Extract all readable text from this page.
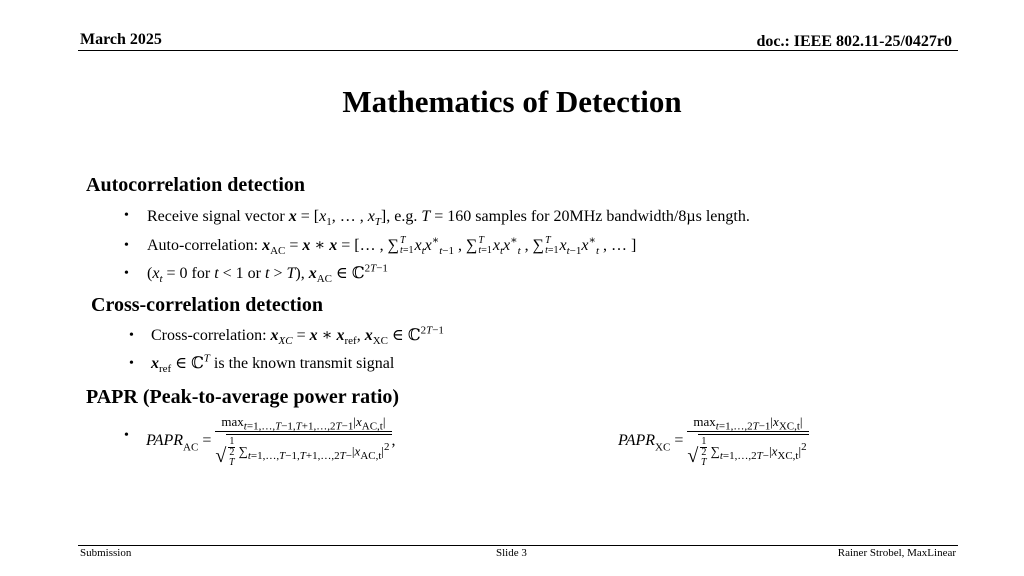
March 2025	doc.: IEEE 802.11-25/0427r0
Mathematics of Detection
Autocorrelation detection
• Receive signal vector $x = [x_1$, … , $x_T$], e.g. T = 160 samples for 20MHz bandwidth/8µs length.
• Auto-correlation: $x_{AC} = x$ ∗ x = [… , ∑T
$t=1x_tx^∗_{t-1}$ , ∑T
$t=1x_tx^∗_t$ , ∑T
$t=1x_{t-1}x^∗_t$ , … ]
• ($x_t = 0$ for t < 1 or t > T), $x_{AC}$ ∈ ℂ$^{2T-1}$
Cross-correlation detection
• Cross-correlation: $x_{XC} = x$ ∗ $x_{ref}$, $x_{XC}$ ∈ ℂ$^{2T-1}$
• $x_{ref}$ ∈ ℂ$^T$ is the known transmit signal
PAPR (Peak-to-average power ratio)
• $PAPR_{AC} = \max_{t=1,\dots,T-1,T+1,\dots,2T-1}|x_{AC,t}|$
√ 1
2
T $\sum_{t=1,\dots,T-1,T+1,\dots,2T-}|x_{AC,t}|^2$ ,	$PAPR_{XC} = \max_{t=1,\dots,2T-1}|x_{XC,t}|$
√ 1
2
T $\sum_{t=1,\dots,2T-}|x_{XC,t}|^2$
Submission	Slide 3	Rainer Strobel, MaxLinear
